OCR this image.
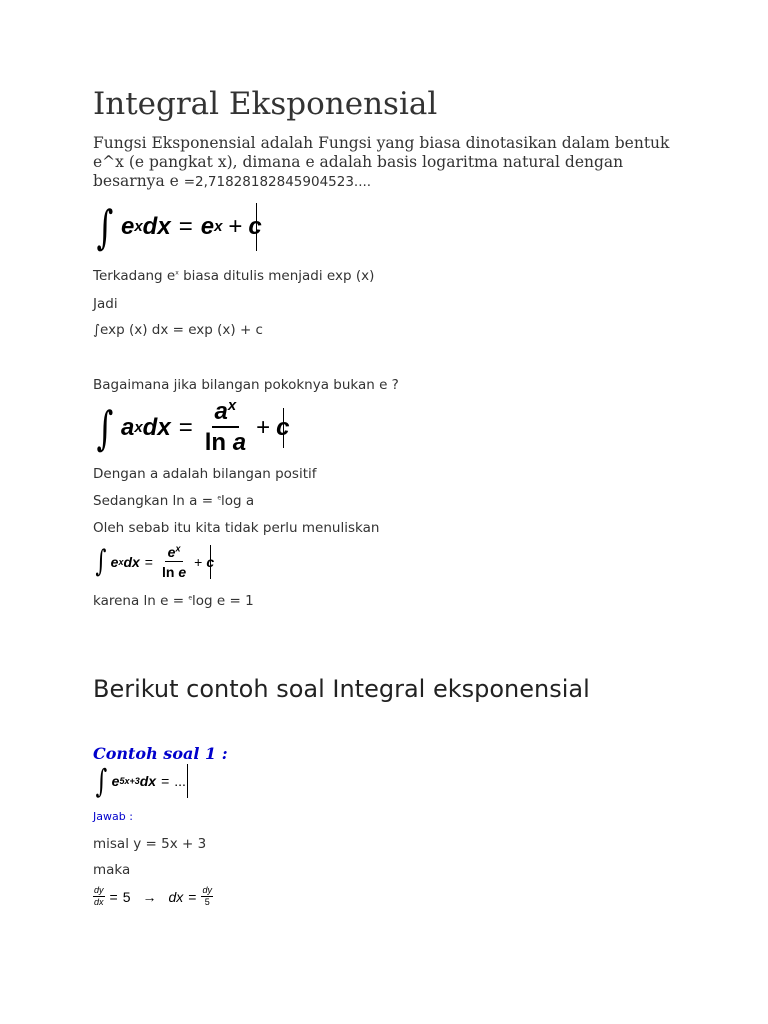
Integral Eksponensial
Fungsi Eksponensial adalah Fungsi yang biasa dinotasikan dalam bentuk e^x (e pangkat x), dimana e adalah basis logaritma natural dengan besarnya e =2,71828182845904523....
∫ e x dx = e x + c
Terkadang $e^x$ biasa ditulis menjadi exp (x)
Jadi
∫exp (x) dx = exp (x) + c
Bagaimana jika bilangan pokoknya bukan e ?
∫ a x dx = $\frac{a^x}{\text{ln a}} + c$
Dengan a adalah bilangan positif
Sedangkan ln a = $^e$log a
Oleh sebab itu kita tidak perlu menuliskan
∫ e x dx = $\frac{e^x}{\text{ln e}} + c$
karena ln e = $^e$log e = 1
Berikut contoh soal Integral eksponensial
Contoh soal 1 :
∫ e 5x+3 dx = ...
Jawab :
misal y = 5x + 3
maka
$\frac{dy}{dx} = 5$ → dx = $\frac{dy}{5}$
